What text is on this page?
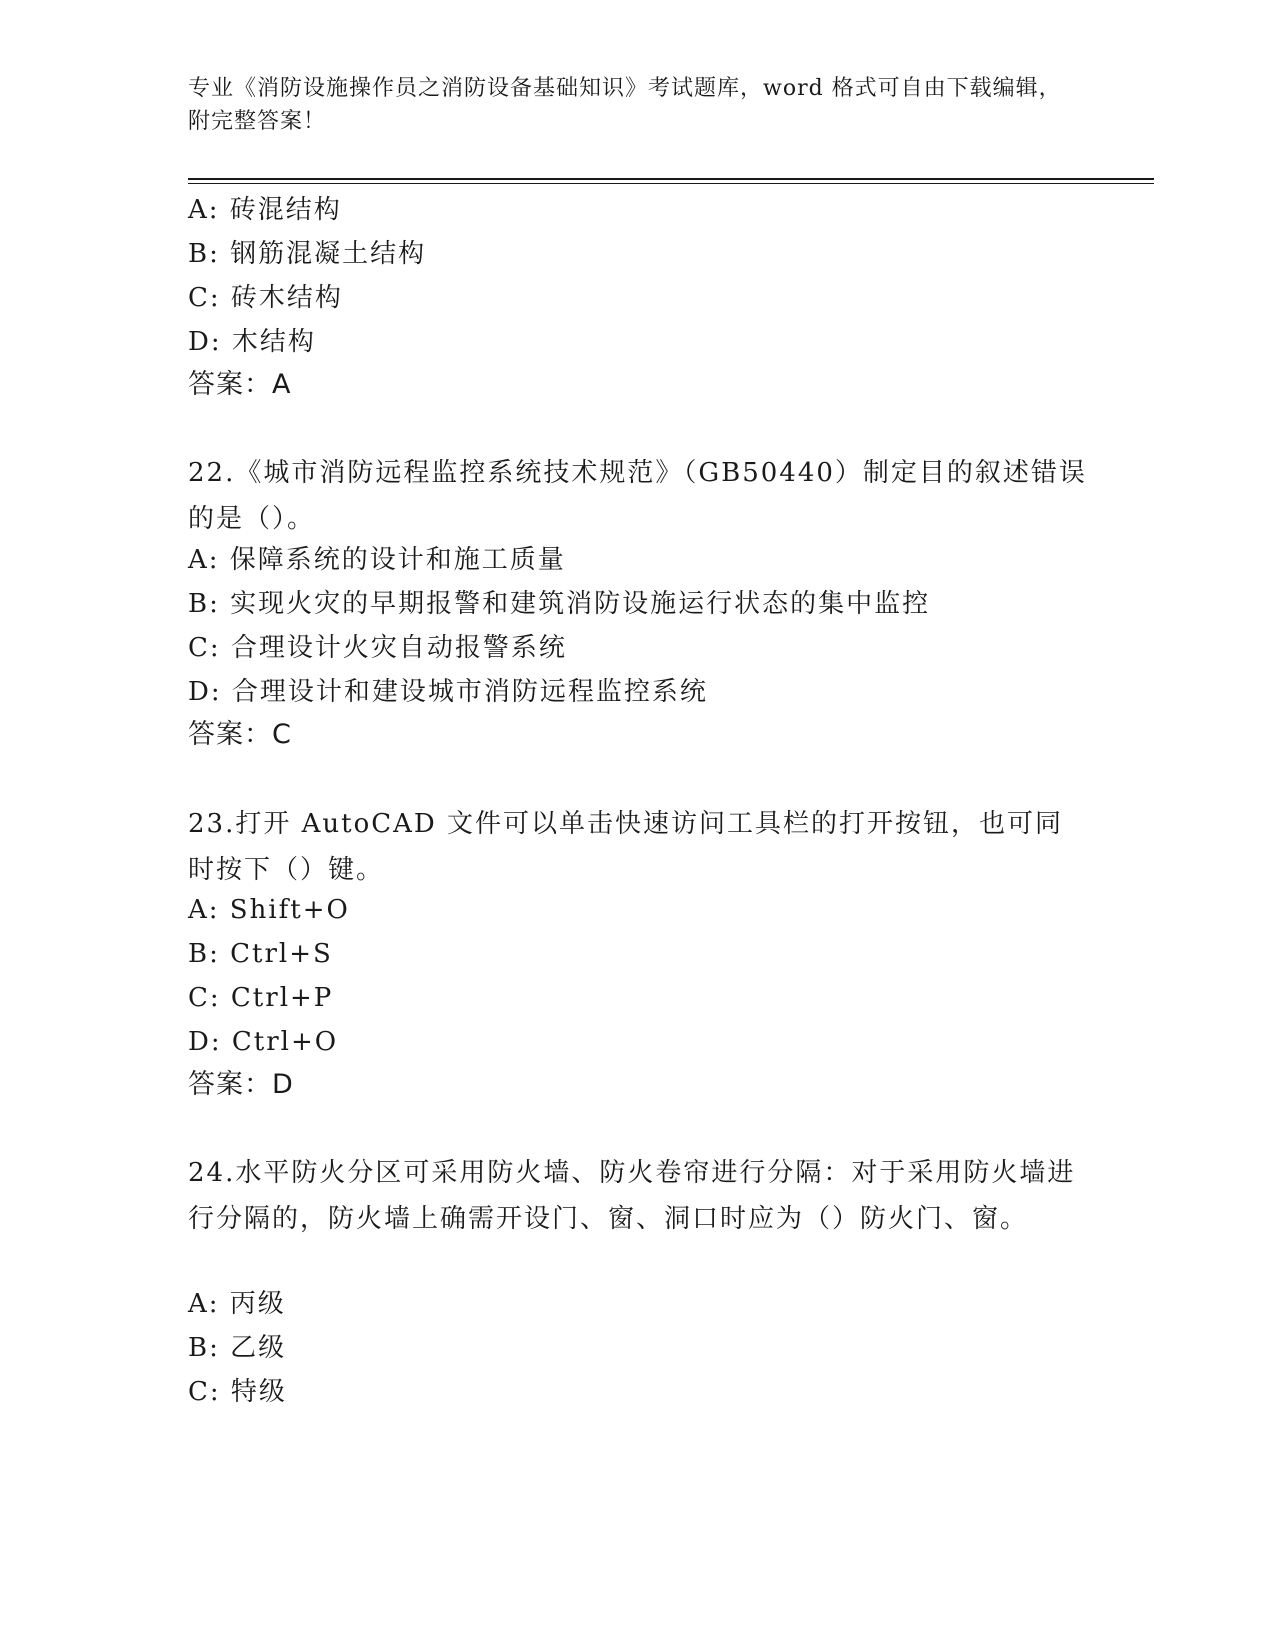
专业《消防设施操作员之消防设备基础知识》考试题库，word 格式可自由下载编辑，附完整答案！
A: 砖混结构
B: 钢筋混凝土结构
C: 砖木结构
D: 木结构
答案：A
22.《城市消防远程监控系统技术规范》（GB50440）制定目的叙述错误的是（）。
A: 保障系统的设计和施工质量
B: 实现火灾的早期报警和建筑消防设施运行状态的集中监控
C: 合理设计火灾自动报警系统
D: 合理设计和建设城市消防远程监控系统
答案：C
23.打开 AutoCAD 文件可以单击快速访问工具栏的打开按钮，也可同时按下（）键。
A: Shift+O
B: Ctrl+S
C: Ctrl+P
D: Ctrl+O
答案：D
24.水平防火分区可采用防火墙、防火卷帘进行分隔：对于采用防火墙进行分隔的，防火墙上确需开设门、窗、洞口时应为（）防火门、窗。
A: 丙级
B: 乙级
C: 特级
